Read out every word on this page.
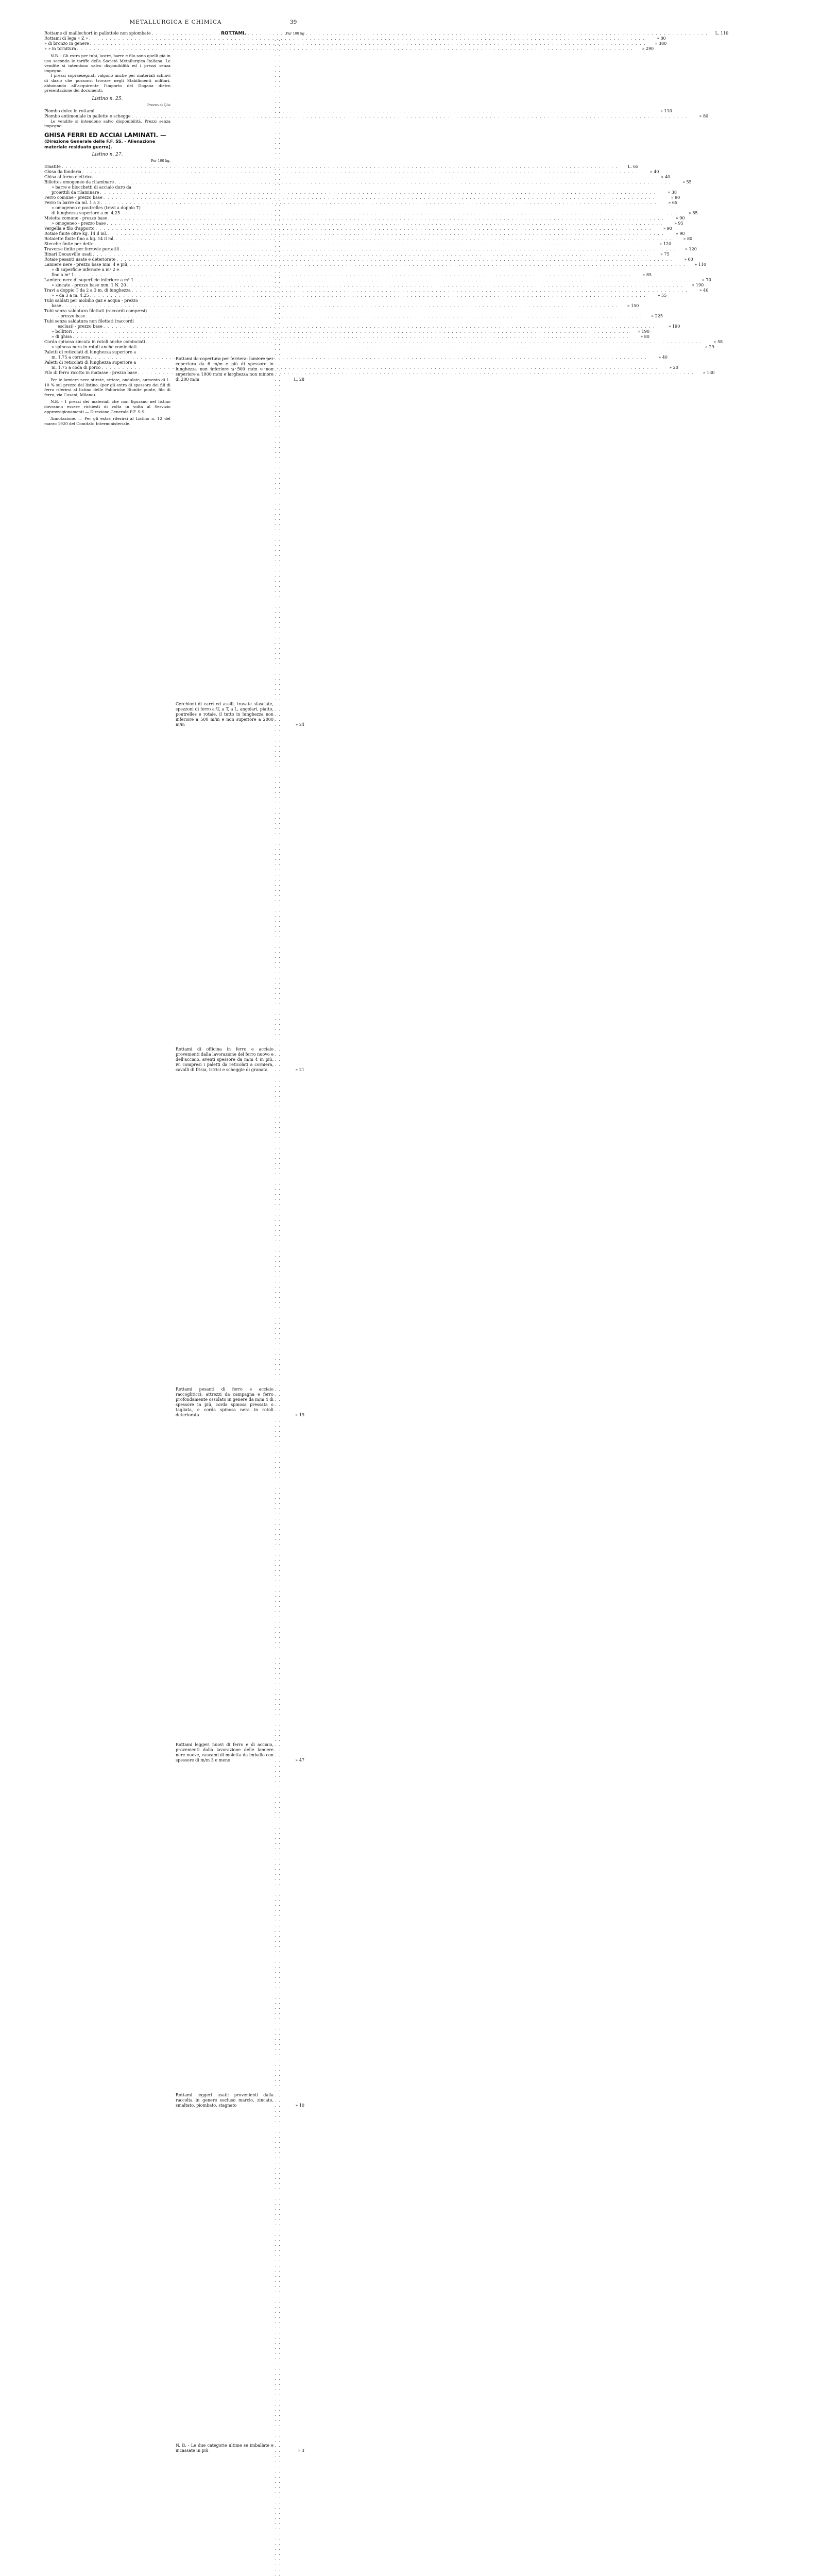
METALLURGICA E CHIMICA	39
Rottame di maillechort in pallottole non spiombate . . .	L. 110
Rottami di lega « Z » . . .	» 80
» di bronzo in genere . . .	» 380
» » in tornitura . . .	» 290
N.B. - Gli extra per tubi, lastre, barre e filo sono quelli già in uso secondo le tariffe della Società Metallurgica Italiana. Le vendite si intendono salvo disponibilità ed i prezzi senza impegno.
I prezzi sopraesegnati valgono anche per materiali schiavi di dazio che possonsi trovare negli Stabilimenti militari, abbonando all'acquirente l'importo del Dogana dietro presentazione dei documenti.
Listino n. 25.
Prezzo al Q.le
Piombo dolce in rottami . . .	» 110
Piombo antimoniale in pallette e schegge . . .	» 80
Le vendite si intendono salvo disponibilità. Prezzi senza impegno.
GHISA FERRI ED ACCIAI LAMINATI. —
(Direzione Generale delle F.F. SS. - Alienazione materiale residuato guerra).
Listino n. 27.
Per 100 kg.
Ematite . . .	L. 65
Ghisa da fonderia . . .	» 40
Ghisa al forno elettrico . . .	» 40
Billettes omogeneo da rilaminare . . .	» 55
» barre e blocchetti di acciaio duro da
proiettili da rilaminare . . .	» 38
Ferro comune - prezzo base . . .	» 90
Ferro in barre da ml. 1 a 3 . . .	» 65
» omogeneo e poutrelles (travi a doppio T)
di lunghezza superiore a m. 4,25 . . .	» 85
Moietta comune - prezzo base . . .	» 90
» omogeneo - prezzo base . . .	» 95
Vergella e filo d'apporto . . .	» 90
Rotaie finite oltre kg. 14 il ml. . . .	» 90
Rotaiette finite fino a kg. 14 il ml. . . .	» 80
Stecche finite per dette . . .	» 120
Traverse finite per ferrovie portatili . . .	» 120
Binari Decauville usati . . .	» 75
Rotaie pesanti usate e deteriorate . . .	» 60
Lamiere nere - prezzo base mm. 4 e più, . . .	» 110
» di superficie inferiore a m² 2 e
fino a m² 1 . . .	» 85
Lamiere nere di superficie inferiore a m² 1 . . .	» 70
» zincate - prezzo base mm. 1 N. 20 . . .	» 190
Travi a doppio T da 2 a 3 m. di lunghezza . . .	» 40
» » da 3 a m. 4,25 . . .	» 55
Tubi saldati per mobilio gaz e acqua - prezzo
base . . .	» 150
Tubi senza saldatura filettati (raccordi compresi)
- prezzo base . . .	» 225
Tubi senza saldatura non filettati (raccordi
esclusi) - prezzo base . . .	» 190
» bollitori . . .	» 190
» di ghisa . . .	» 80
Corda spinosa zincata in rotoli anche cominciati . . .	» 58
» spinosa nera in rotoli anche cominciati . . .	» 29
Paletti di reticolati di lunghezza superiore a
m. 1,75 a corniera . . .	» 40
Paletti di reticolati di lunghezza superiore a
m. 1,75 a coda di porco . . .	» 20
Filo di ferro ricotto in matasse - prezzo base . . .	» 130
Per le lamiere nere stirate, striate, ondulate, aumento di L. 10 % sul prezzo del listino. (per gli extra di spessore dei fili di ferro riferirsi al listino delle Fabbriche Riunite punte, filo di ferro, via Cusani, Milano).
N.B. - I prezzi dei materiali che non figurano nel listino dovranno essere richiesti di volta in volta al Servizio approvvigionamenti — Direzione Generale F.F. S.S.
Annotazione. — Per gli extra riferirsi al Listino n. 12 del marzo 1920 del Comitato Interministeriale.
ROTTAMI.	Per 100 kg
Rottami da copertura per ferriera: lamiere per copertura da 6 m/m e più di spessore in lunghezza non inferiore a 500 m/m e non superiore a 1000 m/m e larghezza non minore di 200 m/m . . .	L. 28
Cerchioni di carri ed assili, travate sfasciate, spezzoni di ferro a U, a T, a L, angolari, piatto, poutrelles e rotaie, il tutto in lunghezza non inferiore a 500 m/m e non superiore a 2000 m/m . . .	» 24
Rottami di officina in ferro e acciaio provenienti dalla lavorazione del ferro nuovo e dell'acciaio, aventi spessore da m/m 4 in più, ivi compresi i paletti da reticolati a corniera, cavalli di frisia, istrici e scheggie di granata . . .	» 21
Rottami pesanti di ferro e acciaio raccogliticci; attrezzi da campagna e ferro profondamente ossidato in genere da m/m 4 di spessore in più, corda spinosa pressata o tagliata, e corda spinosa nera in rotoli deteriorata . . .	» 19
Rottami leggeri nuovi di ferro e di acciaio, provenienti dalla lavorazione delle lamiere nere nuove, cascami di moietta da imballo con spessore di m/m 3 e meno . . .	» 47
Rottami leggeri usati: provenienti dalla raccolta in genere escluso marcio, zincato, smaltato, piombato, stagnato . . .	» 10
N. B. - Le due categorie ultime se imballate e incassate in più . . .	» 3
. . .
